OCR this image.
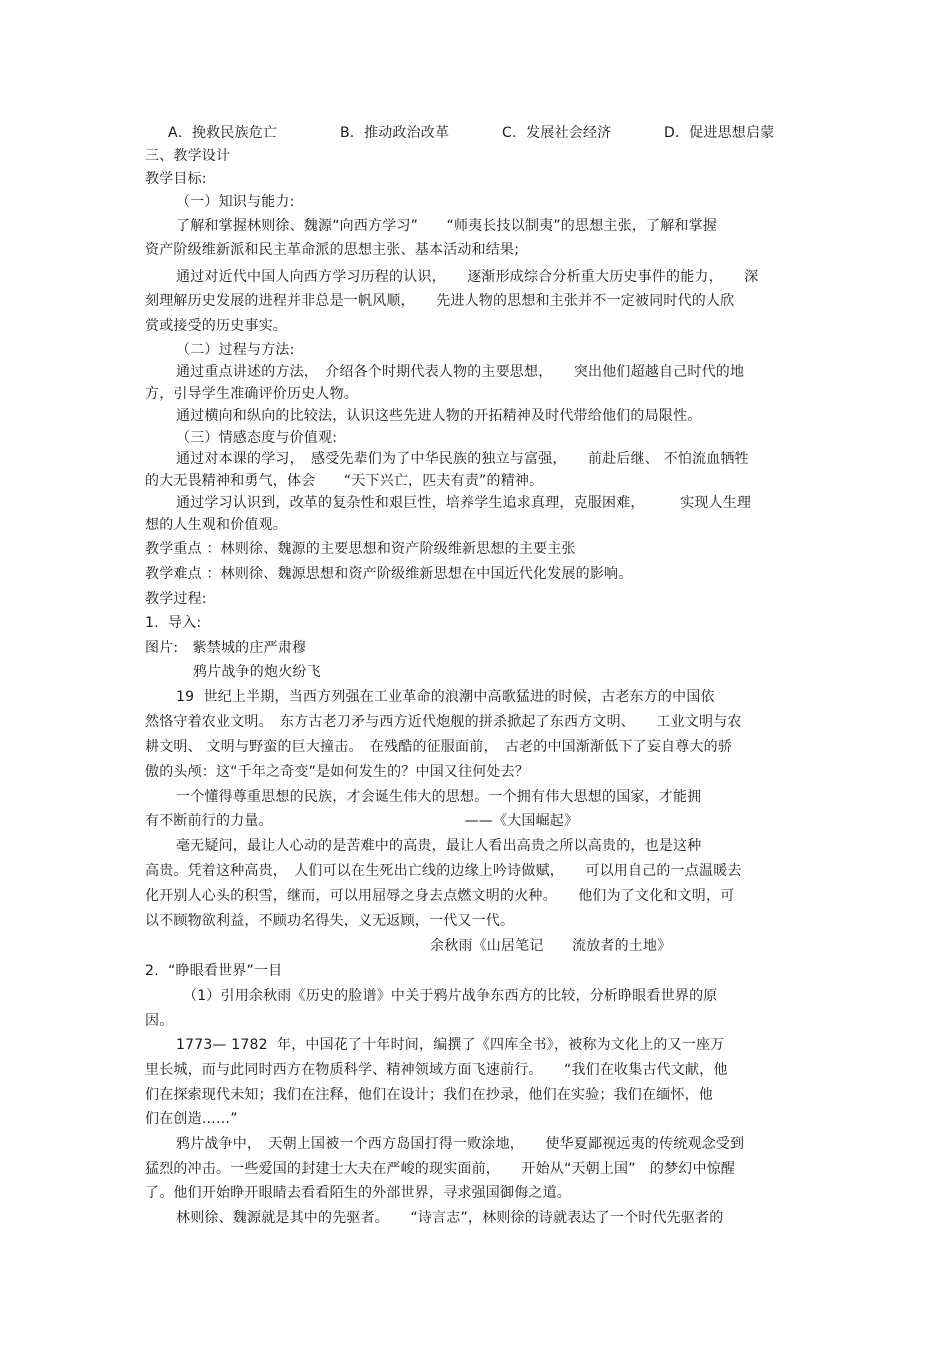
A．挽救民族危亡	B．推动政治改革	C．发展社会经济	D．促进思想启蒙
三、教学设计
教学目标:
（一）知识与能力:
了解和掌握林则徐、魏源“向西方学习”　　“师夷长技以制夷”的思想主张，了解和掌握
资产阶级维新派和民主革命派的思想主张、基本活动和结果;
通过对近代中国人向西方学习历程的认识，　　逐渐形成综合分析重大历史事件的能力，　　深
刻理解历史发展的进程并非总是一帆风顺，　　先进人物的思想和主张并不一定被同时代的人欣
赏或接受的历史事实。
（二）过程与方法:
通过重点讲述的方法，　介绍各个时期代表人物的主要思想，　　突出他们超越自己时代的地
方，引导学生准确评价历史人物。
通过横向和纵向的比较法，认识这些先进人物的开拓精神及时代带给他们的局限性。
（三）情感态度与价值观:
通过对本课的学习，　感受先辈们为了中华民族的独立与富强，　　前赴后继、 不怕流血牺牲
的大无畏精神和勇气，体会　　“天下兴亡，匹夫有责”的精神。
通过学习认识到，改革的复杂性和艰巨性，培养学生追求真理，克服困难，　　　实现人生理
想的人生观和价值观。
教学重点 ：林则徐、魏源的主要思想和资产阶级维新思想的主要主张
教学难点 ：林则徐、魏源思想和资产阶级维新思想在中国近代化发展的影响。
教学过程:
1.  导入:
图片:　紫禁城的庄严肃穆
鸦片战争的炮火纷飞
19  世纪上半期，当西方列强在工业革命的浪潮中高歌猛进的时候，古老东方的中国依
然恪守着农业文明。　东方古老刀矛与西方近代炮舰的拼杀掀起了东西方文明、　　工业文明与农
耕文明、 文明与野蛮的巨大撞击。　在残酷的征服面前，　古老的中国渐渐低下了妄自尊大的骄
傲的头颅：这“千年之奇变”是如何发生的？中国又往何处去？
一个懂得尊重思想的民族，才会诞生伟大的思想。一个拥有伟大思想的国家，才能拥
有不断前行的力量。　　　　　　　　　　　　　　——《大国崛起》
毫无疑问，最让人心动的是苦难中的高贵，最让人看出高贵之所以高贵的，也是这种
高贵。凭着这种高贵，　人们可以在生死出亡线的边缘上吟诗做赋，　　可以用自己的一点温暖去
化开别人心头的积雪，继而，可以用屈辱之身去点燃文明的火种。　　他们为了文化和文明，可
以不顾物欲利益，不顾功名得失，义无返顾，一代又一代。
余秋雨《山居笔记　　流放者的土地》
2.  “睁眼看世界”一目
（1）引用余秋雨《历史的脸谱》中关于鸦片战争东西方的比较，分析睁眼看世界的原
因。
1773— 1782  年，中国花了十年时间，编撰了《四库全书》，被称为文化上的又一座万
里长城，而与此同时西方在物质科学、精神领域方面飞速前行。　　“我们在收集古代文献，他
们在探索现代未知；我们在注释，他们在设计；我们在抄录，他们在实验；我们在缅怀，他
们在创造……”
鸦片战争中，　天朝上国被一个西方岛国打得一败涂地，　　使华夏鄙视远夷的传统观念受到
猛烈的冲击。一些爱国的封建士大夫在严峻的现实面前，　　开始从“天朝上国”　的梦幻中惊醒
了。他们开始睁开眼睛去看看陌生的外部世界，寻求强国御侮之道。
林则徐、魏源就是其中的先驱者。　　“诗言志”，林则徐的诗就表达了一个时代先驱者的
